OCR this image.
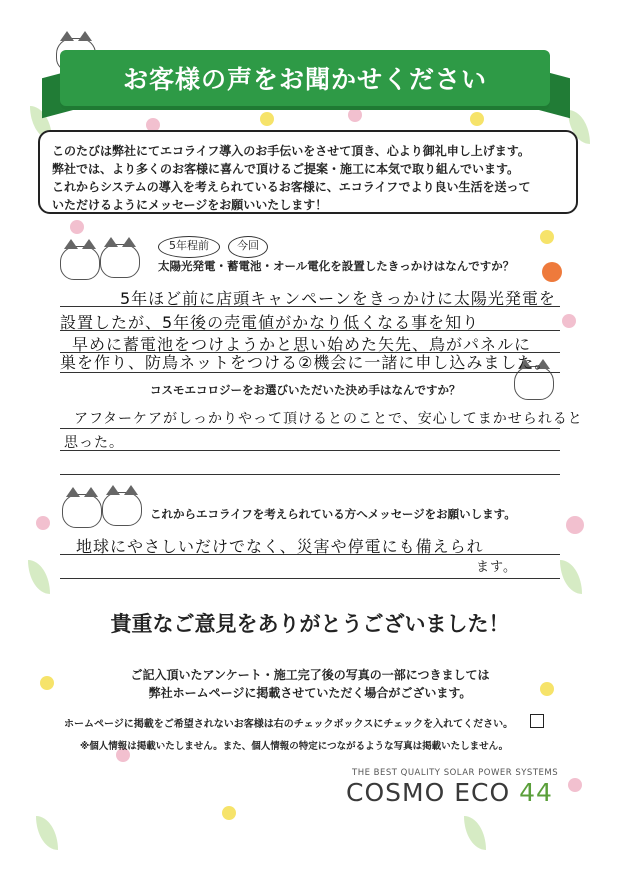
お客様の声をお聞かせください
このたびは弊社にてエコライフ導入のお手伝いをさせて頂き、心より御礼申し上げます。
弊社では、より多くのお客様に喜んで頂けるご提案・施工に本気で取り組んでいます。
これからシステムの導入を考えられているお客様に、エコライフでより良い生活を送って
いただけるようにメッセージをお願いいたします！
5年程前	今回
太陽光発電・蓄電池・オール電化を設置したきっかけはなんですか？
5年ほど前に店頭キャンペーンをきっかけに太陽光発電を
設置したが、5年後の売電値がかなり低くなる事を知り
早めに蓄電池をつけようかと思い始めた矢先、鳥がパネルに
巣を作り、防鳥ネットをつける②機会に一諸に申し込みました。
コスモエコロジーをお選びいただいた決め手はなんですか？
アフターケアがしっかりやって頂けるとのことで、安心してまかせられると
思った。
これからエコライフを考えられている方へメッセージをお願いします。
地球にやさしいだけでなく、災害や停電にも備えられ
ます。
貴重なご意見をありがとうございました！
ご記入頂いたアンケート・施工完了後の写真の一部につきましては
弊社ホームページに掲載させていただく場合がございます。
ホームページに掲載をご希望されないお客様は右のチェックボックスにチェックを入れてください。
※個人情報は掲載いたしません。また、個人情報の特定につながるような写真は掲載いたしません。
THE BEST QUALITY SOLAR POWER SYSTEMS
COSMO ECO 44
